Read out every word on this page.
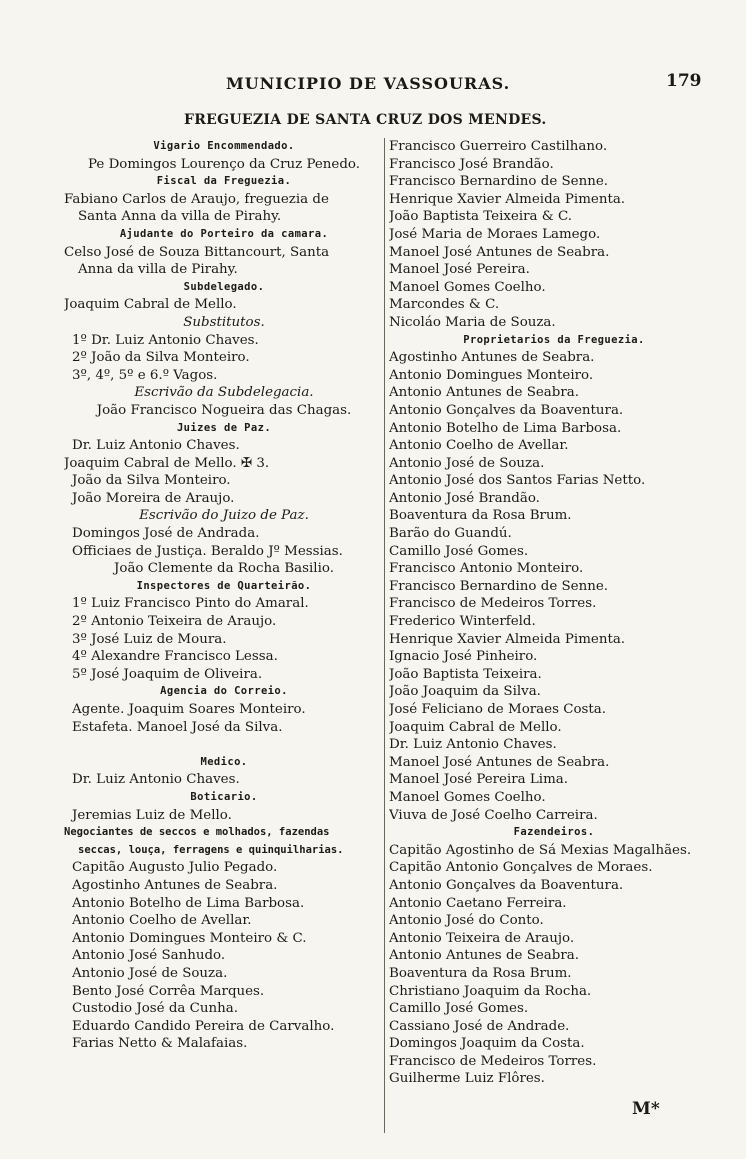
MUNICIPIO DE VASSOURAS.	179
FREGUEZIA DE SANTA CRUZ DOS MENDES.
Vigario Encommendado.
Pe Domingos Lourenço da Cruz Penedo.
Fiscal da Freguezia.
Fabiano Carlos de Araujo, freguezia de
Santa Anna da villa de Pirahy.
Ajudante do Porteiro da camara.
Celso José de Souza Bittancourt, Santa
Anna da villa de Pirahy.
Subdelegado.
Joaquim Cabral de Mello.
Substitutos.
1º Dr. Luiz Antonio Chaves.
2º João da Silva Monteiro.
3º, 4º, 5º e 6.º Vagos.
Escrivão da Subdelegacia.
João Francisco Nogueira das Chagas.
Juizes de Paz.
Dr. Luiz Antonio Chaves.
Joaquim Cabral de Mello. ✠ 3.
João da Silva Monteiro.
João Moreira de Araujo.
Escrivão do Juizo de Paz.
Domingos José de Andrada.
Officiaes de Justiça. Beraldo Jº Messias.
João Clemente da Rocha Basilio.
Inspectores de Quarteirão.
1º Luiz Francisco Pinto do Amaral.
2º Antonio Teixeira de Araujo.
3º José Luiz de Moura.
4º Alexandre Francisco Lessa.
5º José Joaquim de Oliveira.
Agencia do Correio.
Agente. Joaquim Soares Monteiro.
Estafeta. Manoel José da Silva.
Medico.
Dr. Luiz Antonio Chaves.
Boticario.
Jeremias Luiz de Mello.
Negociantes de seccos e molhados, fazendas
seccas, louça, ferragens e quinquilharias.
Capitão Augusto Julio Pegado.
Agostinho Antunes de Seabra.
Antonio Botelho de Lima Barbosa.
Antonio Coelho de Avellar.
Antonio Domingues Monteiro & C.
Antonio José Sanhudo.
Antonio José de Souza.
Bento José Corrêa Marques.
Custodio José da Cunha.
Eduardo Candido Pereira de Carvalho.
Farias Netto & Malafaias.
Francisco Guerreiro Castilhano.
Francisco José Brandão.
Francisco Bernardino de Senne.
Henrique Xavier Almeida Pimenta.
João Baptista Teixeira & C.
José Maria de Moraes Lamego.
Manoel José Antunes de Seabra.
Manoel José Pereira.
Manoel Gomes Coelho.
Marcondes & C.
Nicoláo Maria de Souza.
Proprietarios da Freguezia.
Agostinho Antunes de Seabra.
Antonio Domingues Monteiro.
Antonio Antunes de Seabra.
Antonio Gonçalves da Boaventura.
Antonio Botelho de Lima Barbosa.
Antonio Coelho de Avellar.
Antonio José de Souza.
Antonio José dos Santos Farias Netto.
Antonio José Brandão.
Boaventura da Rosa Brum.
Barão do Guandú.
Camillo José Gomes.
Francisco Antonio Monteiro.
Francisco Bernardino de Senne.
Francisco de Medeiros Torres.
Frederico Winterfeld.
Henrique Xavier Almeida Pimenta.
Ignacio José Pinheiro.
João Baptista Teixeira.
João Joaquim da Silva.
José Feliciano de Moraes Costa.
Joaquim Cabral de Mello.
Dr. Luiz Antonio Chaves.
Manoel José Antunes de Seabra.
Manoel José Pereira Lima.
Manoel Gomes Coelho.
Viuva de José Coelho Carreira.
Fazendeiros.
Capitão Agostinho de Sá Mexias Magalhães.
Capitão Antonio Gonçalves de Moraes.
Antonio Gonçalves da Boaventura.
Antonio Caetano Ferreira.
Antonio José do Conto.
Antonio Teixeira de Araujo.
Antonio Antunes de Seabra.
Boaventura da Rosa Brum.
Christiano Joaquim da Rocha.
Camillo José Gomes.
Cassiano José de Andrade.
Domingos Joaquim da Costa.
Francisco de Medeiros Torres.
Guilherme Luiz Flôres.
M*
